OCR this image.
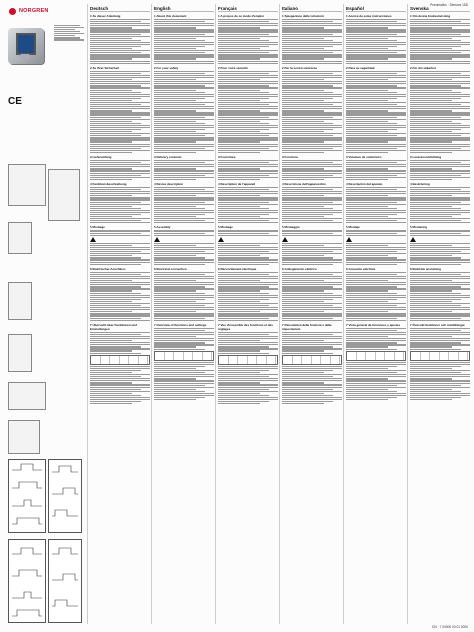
Pneumatics · Sensors 18D
EN · 7 00000 00 01 0000
NORGREN
CE
Deutsch
1 Zu dieser Anleitung
2 Zu Ihrer Sicherheit
3 Lieferumfang
4 Funktionsbeschreibung
5 Montage
6 Elektrischer Anschluss
7 Übersicht über Funktionen und Einstellungen
English
1 About this document
2 For your safety
3 Delivery contents
4 Device description
5 Assembly
6 Electrical connection
7 Overview of functions and settings
Français
1 A propos de ce mode d'emploi
2 Pour votre sécurité
3 Fourniture
4 Description de l'appareil
5 Montage
6 Raccordement électrique
7 Vue d'ensemble des fonctions et des réglages
Italiano
1 Spiegazione delle istruzioni
2 Per la vostra sicurezza
3 Fornitura
4 Descrizione dell'apparecchio
5 Montaggio
6 Collegamento elettrico
7 Panoramica delle funzioni e delle impostazioni
Español
1 Acerca de estas instrucciones
2 Para su seguridad
3 Volumen de suministro
4 Descripción del aparato
5 Montaje
6 Conexión eléctrica
7 Vista general de funciones y ajustes
Svenska
1 Om denna bruksanvisning
2 För din säkerhet
3 Leveransomfattning
4 Beskrivning
5 Montering
6 Elektrisk anslutning
7 Översikt funktioner och inställningar
